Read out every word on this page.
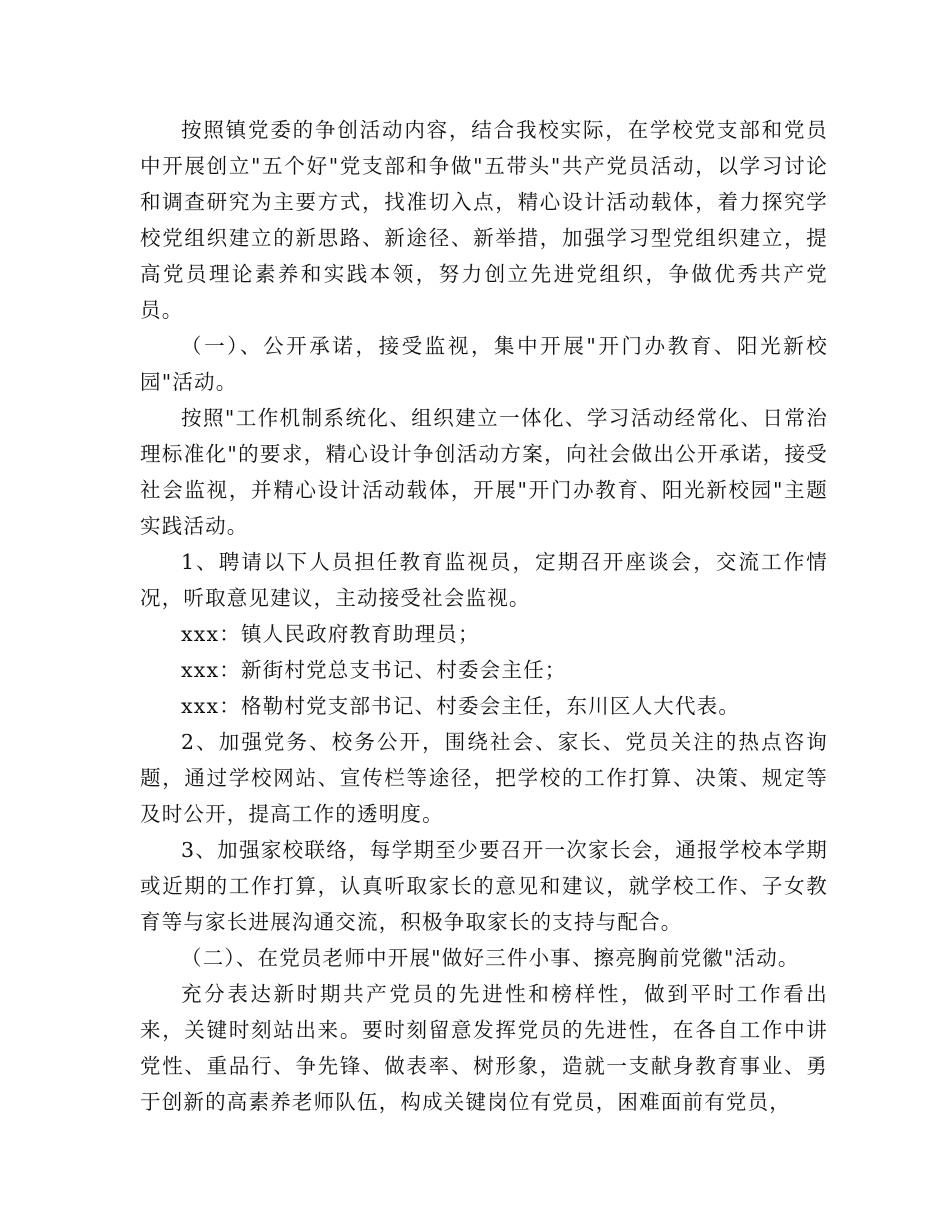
按照镇党委的争创活动内容，结合我校实际，在学校党支部和党员中开展创立"五个好"党支部和争做"五带头"共产党员活动，以学习讨论和调查研究为主要方式，找准切入点，精心设计活动载体，着力探究学校党组织建立的新思路、新途径、新举措，加强学习型党组织建立，提高党员理论素养和实践本领，努力创立先进党组织，争做优秀共产党员。

（一）、公开承诺，接受监视，集中开展"开门办教育、阳光新校园"活动。

按照"工作机制系统化、组织建立一体化、学习活动经常化、日常治理标准化"的要求，精心设计争创活动方案，向社会做出公开承诺，接受社会监视，并精心设计活动载体，开展"开门办教育、阳光新校园"主题实践活动。

1、聘请以下人员担任教育监视员，定期召开座谈会，交流工作情况，听取意见建议，主动接受社会监视。

xxx：镇人民政府教育助理员；

xxx：新街村党总支书记、村委会主任；

xxx：格勒村党支部书记、村委会主任，东川区人大代表。

2、加强党务、校务公开，围绕社会、家长、党员关注的热点咨询题，通过学校网站、宣传栏等途径，把学校的工作打算、决策、规定等及时公开，提高工作的透明度。

3、加强家校联络，每学期至少要召开一次家长会，通报学校本学期或近期的工作打算，认真听取家长的意见和建议，就学校工作、子女教育等与家长进展沟通交流，积极争取家长的支持与配合。

（二）、在党员老师中开展"做好三件小事、擦亮胸前党徽"活动。

充分表达新时期共产党员的先进性和榜样性，做到平时工作看出来，关键时刻站出来。要时刻留意发挥党员的先进性，在各自工作中讲党性、重品行、争先锋、做表率、树形象，造就一支献身教育事业、勇于创新的高素养老师队伍，构成关键岗位有党员，困难面前有党员，
